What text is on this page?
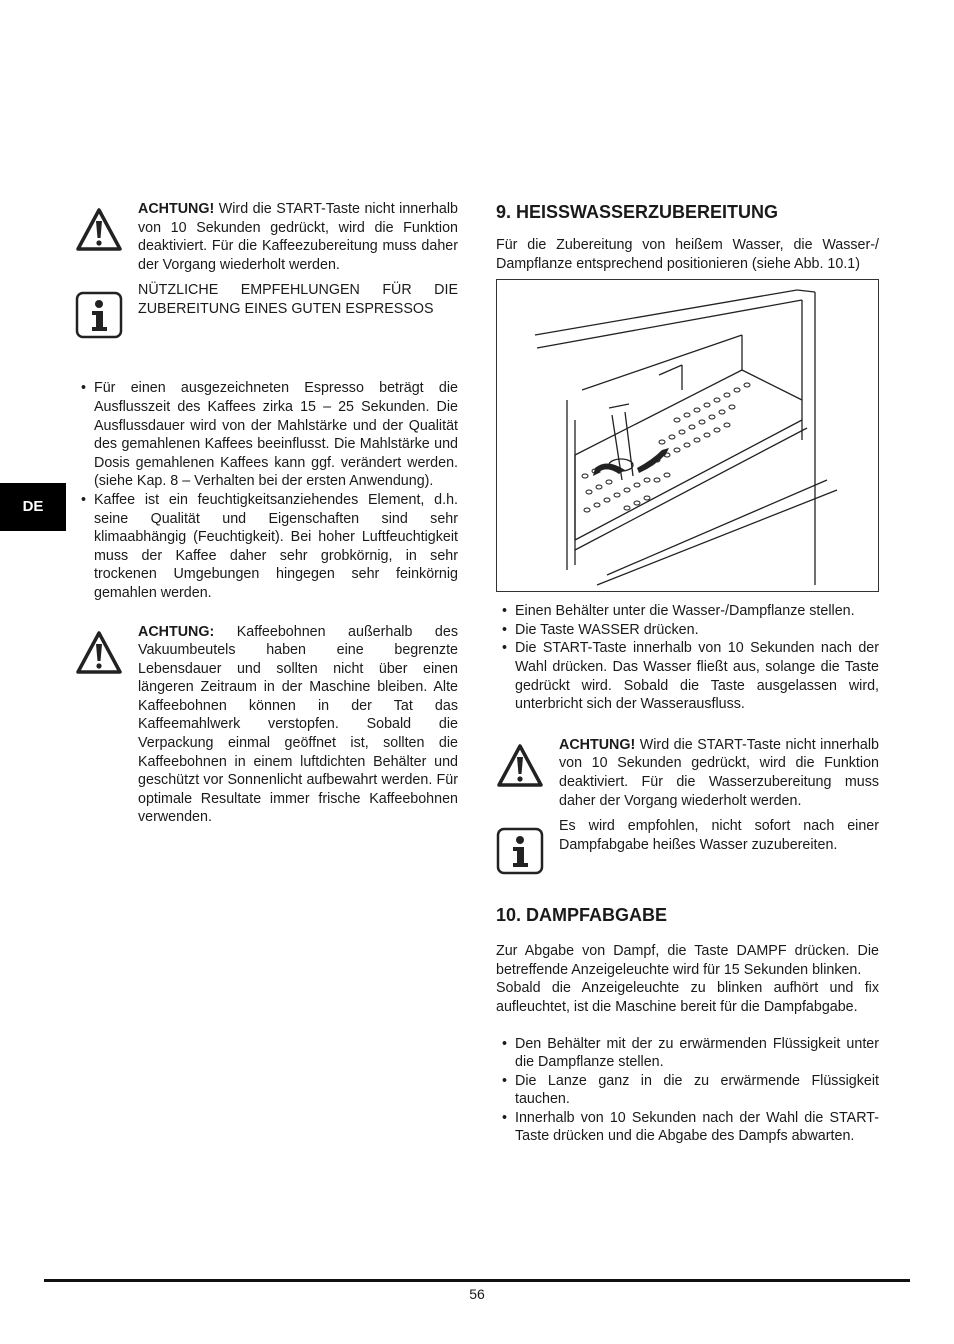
DE
ACHTUNG! Wird die START-Taste nicht innerhalb von 10 Sekunden gedrückt, wird die Funktion deaktiviert. Für die Kaffeezubereitung muss daher der Vorgang wiederholt werden.
NÜTZLICHE EMPFEHLUNGEN FÜR DIE ZUBEREITUNG EINES GUTEN ESPRESSOS
• Für einen ausgezeichneten Espresso beträgt die Ausflusszeit des Kaffees zirka 15 – 25 Sekunden. Die Ausflussdauer wird von der Mahlstärke und der Qualität des gemahlenen Kaffees beeinflusst. Die Mahlstärke und Dosis gemahlenen Kaffees kann ggf. verändert werden. (siehe Kap. 8 – Verhalten bei der ersten Anwendung).
• Kaffee ist ein feuchtigkeitsanziehendes Element, d.h. seine Qualität und Eigenschaften sind sehr klimaabhängig (Feuchtigkeit). Bei hoher Luftfeuchtigkeit muss der Kaffee daher sehr grobkörnig, in sehr trockenen Umgebungen hingegen sehr feinkörnig gemahlen werden.
ACHTUNG: Kaffeebohnen außerhalb des Vakuumbeutels haben eine begrenzte Lebensdauer und sollten nicht über einen längeren Zeitraum in der Maschine bleiben. Alte Kaffeebohnen können in der Tat das Kaffeemahlwerk verstopfen. Sobald die Verpackung einmal geöffnet ist, sollten die Kaffeebohnen in einem luftdichten Behälter und geschützt vor Sonnenlicht aufbewahrt werden. Für optimale Resultate immer frische Kaffeebohnen verwenden.
9. HEISSWASSERZUBEREITUNG

Für die Zubereitung von heißem Wasser, die Wasser-/ Dampflanze entsprechend positionieren (siehe Abb. 10.1)

• Einen Behälter unter die Wasser-/Dampflanze stellen.
• Die Taste WASSER drücken.
• Die START-Taste innerhalb von 10 Sekunden nach der Wahl drücken. Das Wasser fließt aus, solange die Taste gedrückt wird. Sobald die Taste ausgelassen wird, unterbricht sich der Wasserausfluss.
ACHTUNG! Wird die START-Taste nicht innerhalb von 10 Sekunden gedrückt, wird die Funktion deaktiviert. Für die Wasserzubereitung muss daher der Vorgang wiederholt werden.
Es wird empfohlen, nicht sofort nach einer Dampfabgabe heißes Wasser zuzubereiten.
10. DAMPFABGABE

Zur Abgabe von Dampf, die Taste DAMPF drücken. Die betreffende Anzeigeleuchte wird für 15 Sekunden blinken.

Sobald die Anzeigeleuchte zu blinken aufhört und fix aufleuchtet, ist die Maschine bereit für die Dampfabgabe.

• Den Behälter mit der zu erwärmenden Flüssigkeit unter die Dampflanze stellen.
• Die Lanze ganz in die zu erwärmende Flüssigkeit tauchen.
• Innerhalb von 10 Sekunden nach der Wahl die START-Taste drücken und die Abgabe des Dampfs abwarten.
56
